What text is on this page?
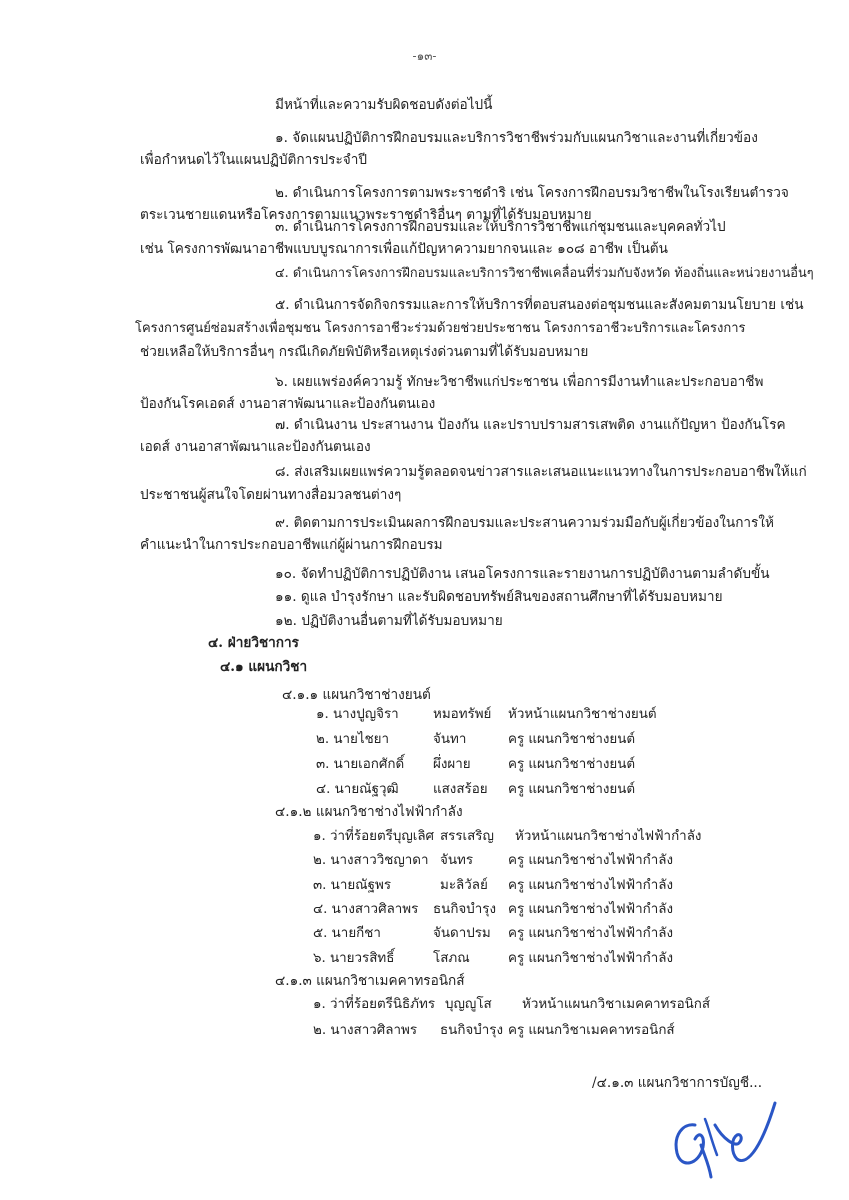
-๑๓-
มีหน้าที่และความรับผิดชอบดังต่อไปนี้
๑. จัดแผนปฏิบัติการฝึกอบรมและบริการวิชาชีพร่วมกับแผนกวิชาและงานที่เกี่ยวข้อง
เพื่อกำหนดไว้ในแผนปฏิบัติการประจำปี
๒. ดำเนินการโครงการตามพระราชดำริ เช่น โครงการฝึกอบรมวิชาชีพในโรงเรียนตำรวจ
ตระเวนชายแดนหรือโครงการตามแนวพระราชดำริอื่นๆ ตามที่ได้รับมอบหมาย
๓. ดำเนินการโครงการฝึกอบรมและให้บริการวิชาชีพแก่ชุมชนและบุคคลทั่วไป
เช่น โครงการพัฒนาอาชีพแบบบูรณาการเพื่อแก้ปัญหาความยากจนและ ๑๐๘ อาชีพ เป็นต้น
๔. ดำเนินการโครงการฝึกอบรมและบริการวิชาชีพเคลื่อนที่ร่วมกับจังหวัด ท้องถิ่นและหน่วยงานอื่นๆ
๕. ดำเนินการจัดกิจกรรมและการให้บริการที่ตอบสนองต่อชุมชนและสังคมตามนโยบาย เช่น
โครงการศูนย์ซ่อมสร้างเพื่อชุมชน โครงการอาชีวะร่วมด้วยช่วยประชาชน โครงการอาชีวะบริการและโครงการ
ช่วยเหลือให้บริการอื่นๆ กรณีเกิดภัยพิบัติหรือเหตุเร่งด่วนตามที่ได้รับมอบหมาย
๖. เผยแพร่องค์ความรู้ ทักษะวิชาชีพแก่ประชาชน เพื่อการมีงานทำและประกอบอาชีพ
ป้องกันโรคเอดส์ งานอาสาพัฒนาและป้องกันตนเอง
๗. ดำเนินงาน ประสานงาน ป้องกัน และปราบปรามสารเสพติด งานแก้ปัญหา ป้องกันโรค
เอดส์ งานอาสาพัฒนาและป้องกันตนเอง
๘. ส่งเสริมเผยแพร่ความรู้ตลอดจนข่าวสารและเสนอแนะแนวทางในการประกอบอาชีพให้แก่
ประชาชนผู้สนใจโดยผ่านทางสื่อมวลชนต่างๆ
๙. ติดตามการประเมินผลการฝึกอบรมและประสานความร่วมมือกับผู้เกี่ยวข้องในการให้
คำแนะนำในการประกอบอาชีพแก่ผู้ผ่านการฝึกอบรม
๑๐. จัดทำปฏิบัติการปฏิบัติงาน เสนอโครงการและรายงานการปฏิบัติงานตามลำดับขั้น
๑๑. ดูแล บำรุงรักษา และรับผิดชอบทรัพย์สินของสถานศึกษาที่ได้รับมอบหมาย
๑๒. ปฏิบัติงานอื่นตามที่ได้รับมอบหมาย
๔. ฝ่ายวิชาการ
๔.๑ แผนกวิชา
๔.๑.๑ แผนกวิชาช่างยนต์
๑. นางปูญจิรา	หมอทรัพย์ หัวหน้าแผนกวิชาช่างยนต์
๒. นายไชยา	จันทา	ครู แผนกวิชาช่างยนต์
๓. นายเอกศักดิ์ ผึ่งผาย	ครู แผนกวิชาช่างยนต์
๔. นายณัฐวุฒิ	แสงสร้อย ครู แผนกวิชาช่างยนต์
๔.๑.๒ แผนกวิชาช่างไฟฟ้ากำลัง
๑. ว่าที่ร้อยตรีบุญเลิศ สรรเสริญ หัวหน้าแผนกวิชาช่างไฟฟ้ากำลัง
๒. นางสาววิชญาดา จันทร	ครู แผนกวิชาช่างไฟฟ้ากำลัง
๓. นายณัฐพร	มะลิวัลย์ ครู แผนกวิชาช่างไฟฟ้ากำลัง
๔. นางสาวศิลาพร ธนกิจบำรุง ครู แผนกวิชาช่างไฟฟ้ากำลัง
๕. นายกีชา	จันดาปรม ครู แผนกวิชาช่างไฟฟ้ากำลัง
๖. นายวรสิทธิ์	โสภณ	ครู แผนกวิชาช่างไฟฟ้ากำลัง
๔.๑.๓ แผนกวิชาเมคคาทรอนิกส์
๑. ว่าที่ร้อยตรีนิธิภัทร บุญญูโส หัวหน้าแผนกวิชาเมคคาทรอนิกส์
๒. นางสาวศิลาพร ธนกิจบำรุง ครู แผนกวิชาเมคคาทรอนิกส์
/๔.๑.๓ แผนกวิชาการบัญชี...
